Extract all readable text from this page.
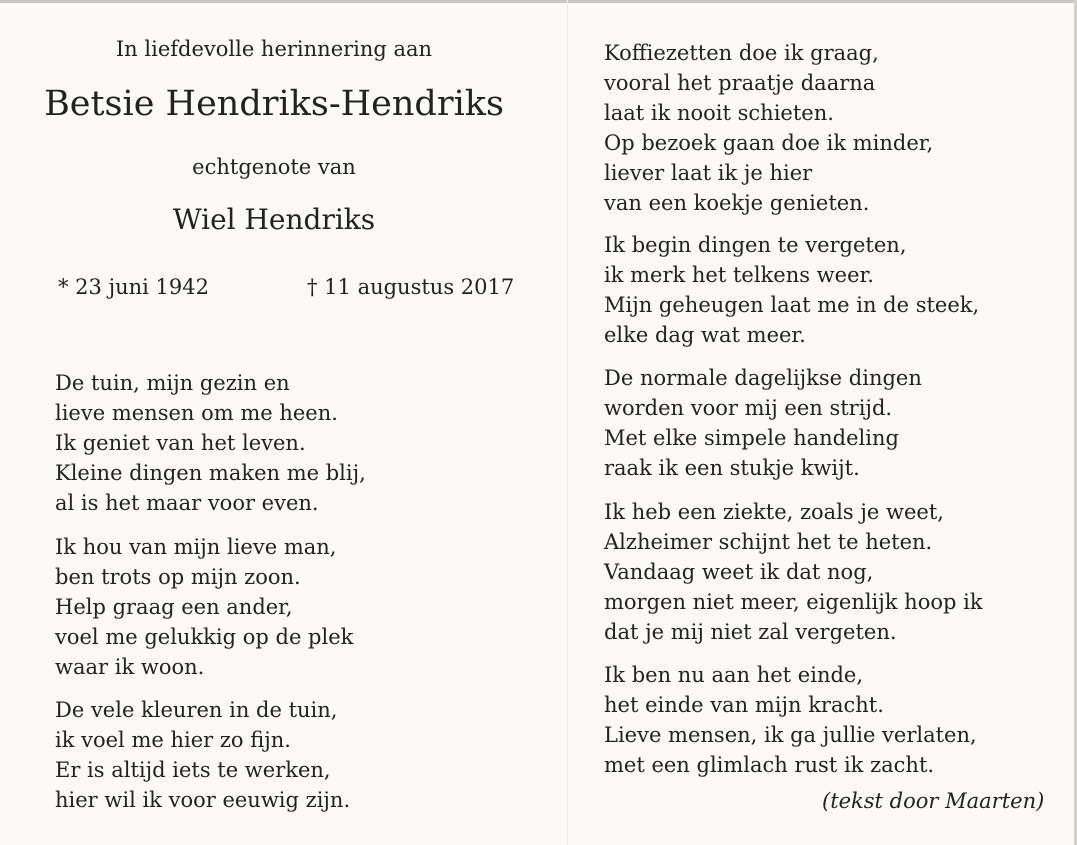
In liefdevolle herinnering aan
Betsie Hendriks-Hendriks
echtgenote van
Wiel Hendriks
* 23 juni 1942	† 11 augustus 2017
De tuin, mijn gezin en
lieve mensen om me heen.
Ik geniet van het leven.
Kleine dingen maken me blij,
al is het maar voor even.
Ik hou van mijn lieve man,
ben trots op mijn zoon.
Help graag een ander,
voel me gelukkig op de plek
waar ik woon.
De vele kleuren in de tuin,
ik voel me hier zo fijn.
Er is altijd iets te werken,
hier wil ik voor eeuwig zijn.
Koffiezetten doe ik graag,
vooral het praatje daarna
laat ik nooit schieten.
Op bezoek gaan doe ik minder,
liever laat ik je hier
van een koekje genieten.
Ik begin dingen te vergeten,
ik merk het telkens weer.
Mijn geheugen laat me in de steek,
elke dag wat meer.
De normale dagelijkse dingen
worden voor mij een strijd.
Met elke simpele handeling
raak ik een stukje kwijt.
Ik heb een ziekte, zoals je weet,
Alzheimer schijnt het te heten.
Vandaag weet ik dat nog,
morgen niet meer, eigenlijk hoop ik
dat je mij niet zal vergeten.
Ik ben nu aan het einde,
het einde van mijn kracht.
Lieve mensen, ik ga jullie verlaten,
met een glimlach rust ik zacht.
(tekst door Maarten)
